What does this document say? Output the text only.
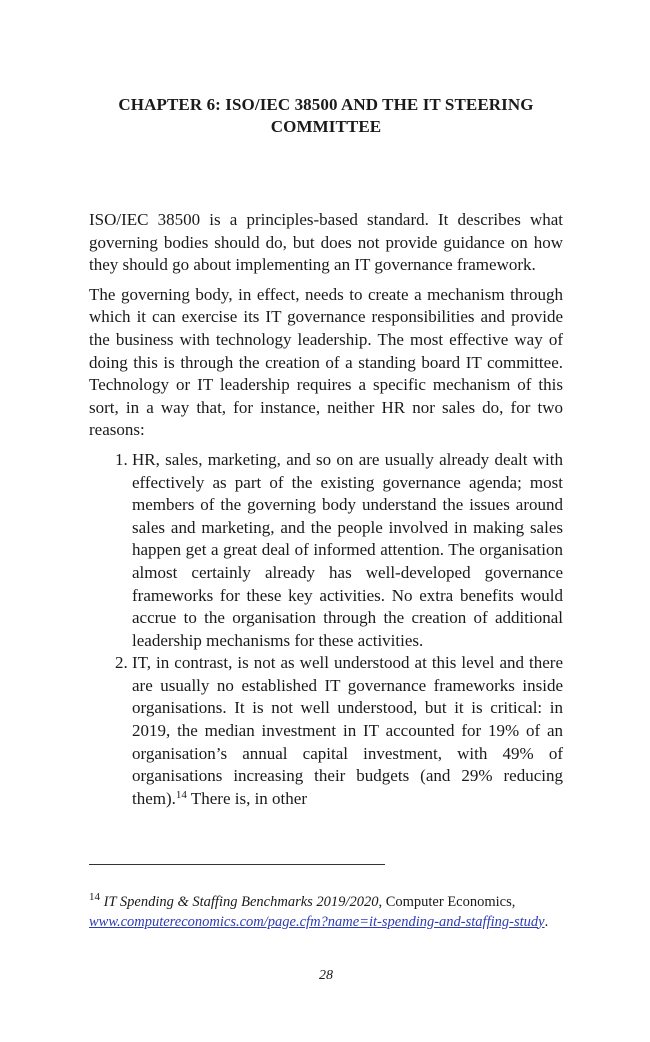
CHAPTER 6: ISO/IEC 38500 AND THE IT STEERING
COMMITTEE

ISO/IEC 38500 is a principles-based standard. It describes what governing bodies should do, but does not provide guidance on how they should go about implementing an IT governance framework.

The governing body, in effect, needs to create a mechanism through which it can exercise its IT governance responsibilities and provide the business with technology leadership. The most effective way of doing this is through the creation of a standing board IT committee. Technology or IT leadership requires a specific mechanism of this sort, in a way that, for instance, neither HR nor sales do, for two reasons:

1. HR, sales, marketing, and so on are usually already dealt with effectively as part of the existing governance agenda; most members of the governing body understand the issues around sales and marketing, and the people involved in making sales happen get a great deal of informed attention. The organisation almost certainly already has well-developed governance frameworks for these key activities. No extra benefits would accrue to the organisation through the creation of additional leadership mechanisms for these activities.
2. IT, in contrast, is not as well understood at this level and there are usually no established IT governance frameworks inside organisations. It is not well understood, but it is critical: in 2019, the median investment in IT accounted for 19% of an organisation’s annual capital investment, with 49% of organisations increasing their budgets (and 29% reducing them).$^{14}$ There is, in other
$^{14}$ IT Spending & Staffing Benchmarks 2019/2020, Computer Economics, www.computereconomics.com/page.cfm?name=it-spending-and-staffing-study.
28
